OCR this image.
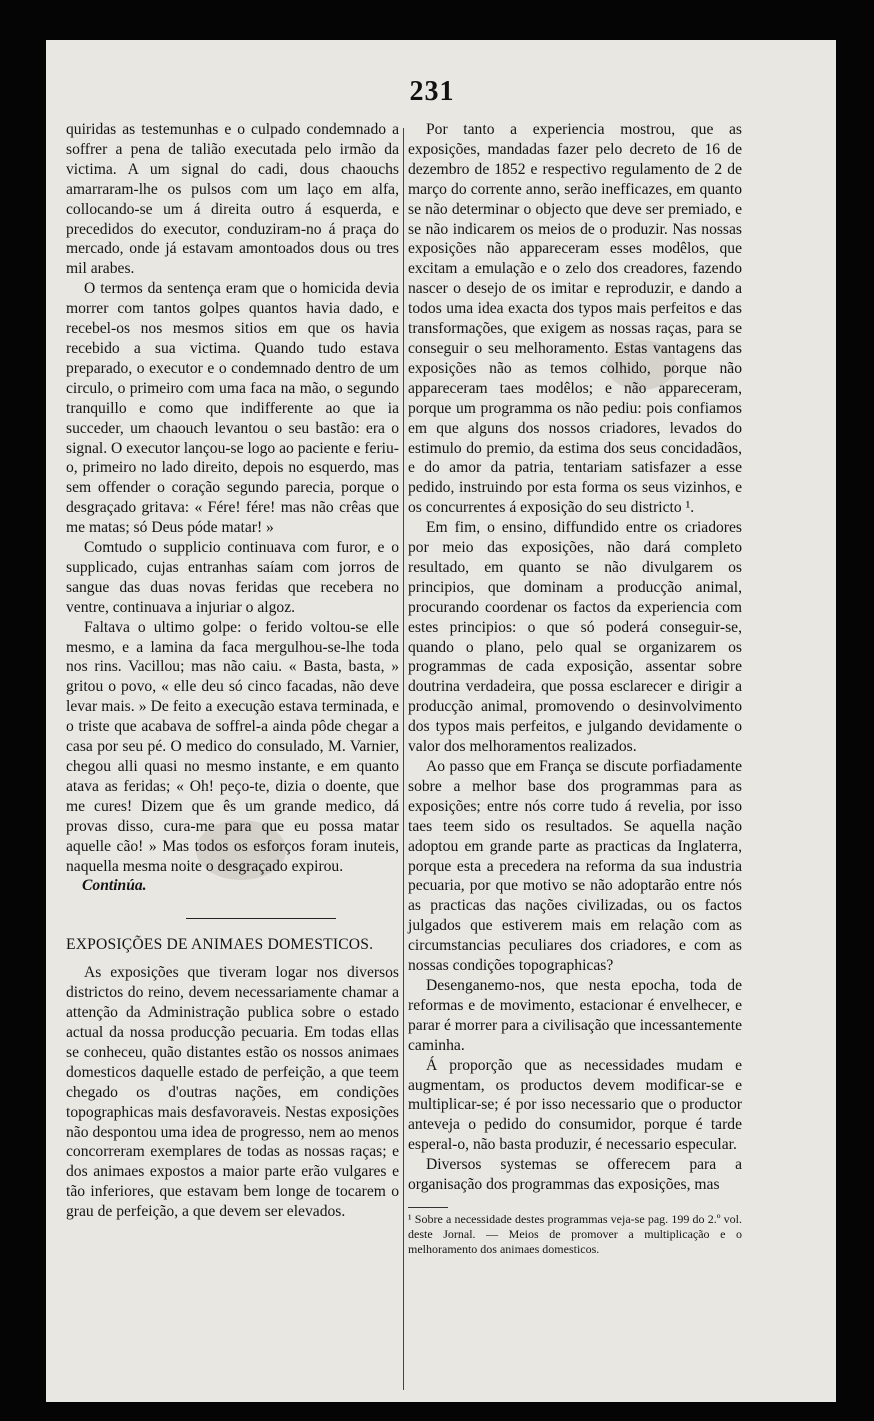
231

quiridas as testemunhas e o culpado condemnado a soffrer a pena de talião executada pelo irmão da victima. A um signal do cadi, dous chaouchs amarraram-lhe os pulsos com um laço em alfa, collocando-se um á direita outro á esquerda, e precedidos do executor, conduziram-no á praça do mercado, onde já estavam amontoados dous ou tres mil arabes.

O termos da sentença eram que o homicida devia morrer com tantos golpes quantos havia dado, e recebel-os nos mesmos sitios em que os havia recebido a sua victima. Quando tudo estava preparado, o executor e o condemnado dentro de um circulo, o primeiro com uma faca na mão, o segundo tranquillo e como que indifferente ao que ia succeder, um chaouch levantou o seu bastão: era o signal. O executor lançou-se logo ao paciente e feriu-o, primeiro no lado direito, depois no esquerdo, mas sem offender o coração segundo parecia, porque o desgraçado gritava: « Fére! fére! mas não crêas que me matas; só Deus póde matar! »

Comtudo o supplicio continuava com furor, e o supplicado, cujas entranhas saíam com jorros de sangue das duas novas feridas que recebera no ventre, continuava a injuriar o algoz.

Faltava o ultimo golpe: o ferido voltou-se elle mesmo, e a lamina da faca mergulhou-se-lhe toda nos rins. Vacillou; mas não caiu. « Basta, basta, » gritou o povo, « elle deu só cinco facadas, não deve levar mais. » De feito a execução estava terminada, e o triste que acabava de soffrel-a ainda pôde chegar a casa por seu pé. O medico do consulado, M. Varnier, chegou alli quasi no mesmo instante, e em quanto atava as feridas; « Oh! peço-te, dizia o doente, que me cures! Dizem que ês um grande medico, dá provas disso, cura-me para que eu possa matar aquelle cão! » Mas todos os esforços foram inuteis, naquella mesma noite o desgraçado expirou.

Continúa.

EXPOSIÇÕES DE ANIMAES DOMESTICOS.

As exposições que tiveram logar nos diversos districtos do reino, devem necessariamente chamar a attenção da Administração publica sobre o estado actual da nossa producção pecuaria. Em todas ellas se conheceu, quão distantes estão os nossos animaes domesticos daquelle estado de perfeição, a que teem chegado os d'outras nações, em condições topographicas mais desfavoraveis. Nestas exposições não despontou uma idea de progresso, nem ao menos concorreram exemplares de todas as nossas raças; e dos animaes expostos a maior parte erão vulgares e tão inferiores, que estavam bem longe de tocarem o grau de perfeição, a que devem ser elevados.

Por tanto a experiencia mostrou, que as exposições, mandadas fazer pelo decreto de 16 de dezembro de 1852 e respectivo regulamento de 2 de março do corrente anno, serão inefficazes, em quanto se não determinar o objecto que deve ser premiado, e se não indicarem os meios de o produzir. Nas nossas exposições não appareceram esses modêlos, que excitam a emulação e o zelo dos creadores, fazendo nascer o desejo de os imitar e reproduzir, e dando a todos uma idea exacta dos typos mais perfeitos e das transformações, que exigem as nossas raças, para se conseguir o seu melhoramento. Estas vantagens das exposições não as temos colhido, porque não appareceram taes modêlos; e não appareceram, porque um programma os não pediu: pois confiamos em que alguns dos nossos criadores, levados do estimulo do premio, da estima dos seus concidadãos, e do amor da patria, tentariam satisfazer a esse pedido, instruindo por esta forma os seus vizinhos, e os concurrentes á exposição do seu districto ¹.

Em fim, o ensino, diffundido entre os criadores por meio das exposições, não dará completo resultado, em quanto se não divulgarem os principios, que dominam a producção animal, procurando coordenar os factos da experiencia com estes principios: o que só poderá conseguir-se, quando o plano, pelo qual se organizarem os programmas de cada exposição, assentar sobre doutrina verdadeira, que possa esclarecer e dirigir a producção animal, promovendo o desinvolvimento dos typos mais perfeitos, e julgando devidamente o valor dos melhoramentos realizados.

Ao passo que em França se discute porfiadamente sobre a melhor base dos programmas para as exposições; entre nós corre tudo á revelia, por isso taes teem sido os resultados. Se aquella nação adoptou em grande parte as practicas da Inglaterra, porque esta a precedera na reforma da sua industria pecuaria, por que motivo se não adoptarão entre nós as practicas das nações civilizadas, ou os factos julgados que estiverem mais em relação com as circumstancias peculiares dos criadores, e com as nossas condições topographicas?

Desenganemo-nos, que nesta epocha, toda de reformas e de movimento, estacionar é envelhecer, e parar é morrer para a civilisação que incessantemente caminha.

Á proporção que as necessidades mudam e augmentam, os productos devem modificar-se e multiplicar-se; é por isso necessario que o productor anteveja o pedido do consumidor, porque é tarde esperal-o, não basta produzir, é necessario especular.

Diversos systemas se offerecem para a organisação dos programmas das exposições, mas

¹ Sobre a necessidade destes programmas veja-se pag. 199 do 2.º vol. deste Jornal. — Meios de promover a multiplicação e o melhoramento dos animaes domesticos.
